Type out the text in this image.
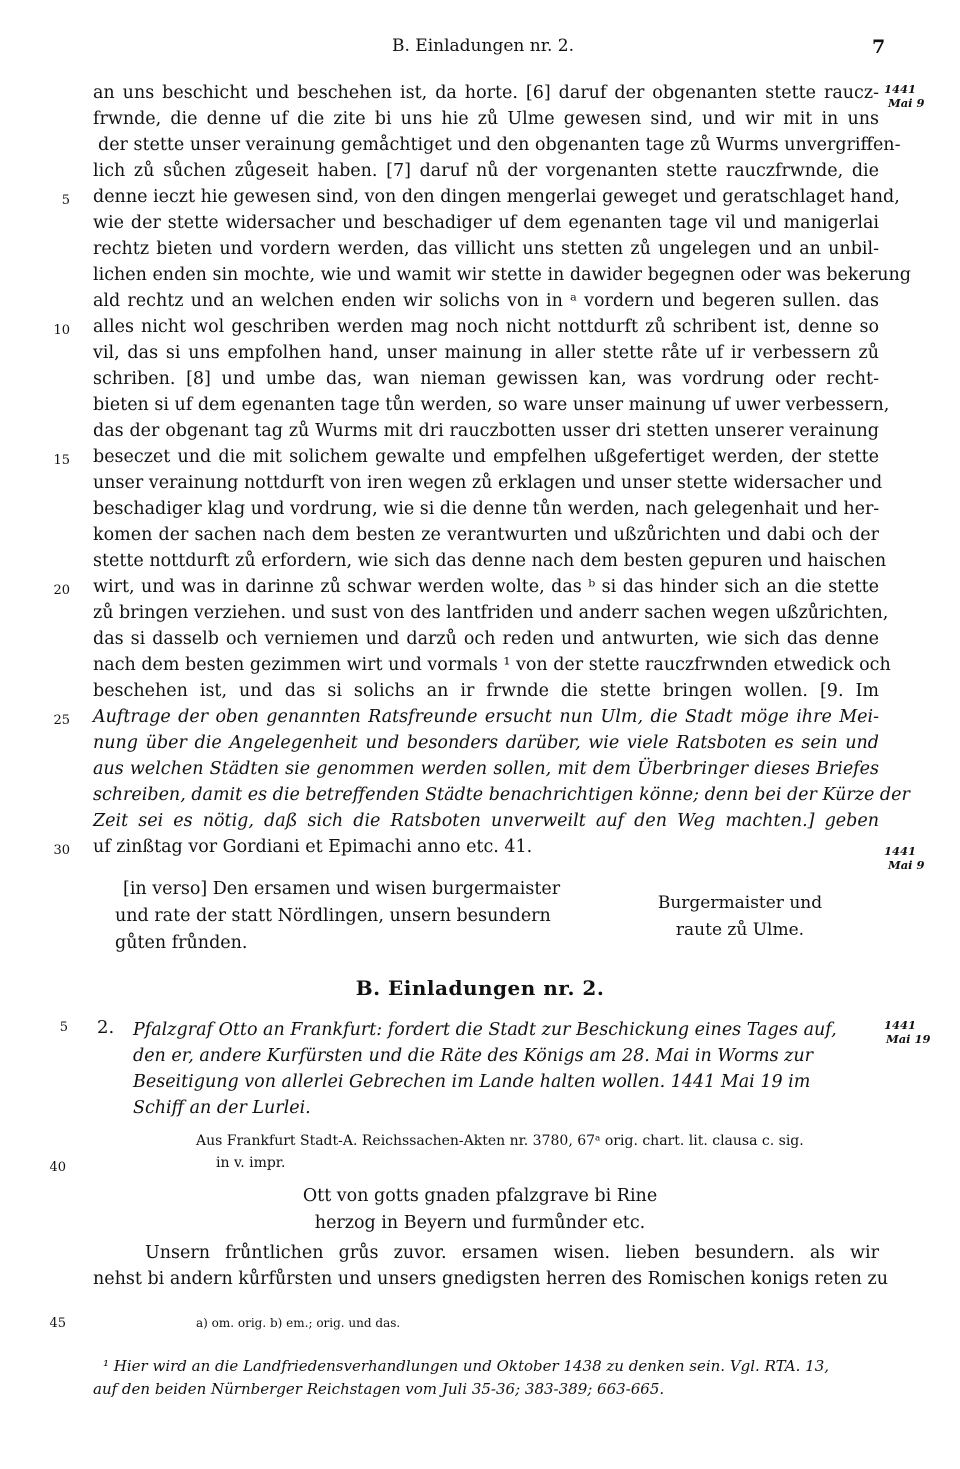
B. Einladungen nr. 2.	7
1441
Mai 9
an uns beschicht und beschehen ist, da horte. [6] daruf der obgenanten stette raucz-
frwnde, die denne uf die zite bi uns hie zů Ulme gewesen sind, und wir mit in uns
der stette unser verainung gemåchtiget und den obgenanten tage zů Wurms unvergriffen-
lich zů sůchen zůgeseit haben. [7] daruf nů der vorgenanten stette rauczfrwnde, die
denne ieczt hie gewesen sind, von den dingen mengerlai geweget und geratschlaget hand,
wie der stette widersacher und beschadiger uf dem egenanten tage vil und manigerlai
rechtz bieten und vordern werden, das villicht uns stetten zů ungelegen und an unbil-
lichen enden sin mochte, wie und wamit wir stette in dawider begegnen oder was bekerung
ald rechtz und an welchen enden wir solichs von in ᵃ vordern und begeren sullen. das
alles nicht wol geschriben werden mag noch nicht nottdurft zů schribent ist, denne so
vil, das si uns empfolhen hand, unser mainung in aller stette råte uf ir verbessern zů
schriben. [8] und umbe das, wan nieman gewissen kan, was vordrung oder recht-
bieten si uf dem egenanten tage tůn werden, so ware unser mainung uf uwer verbessern,
das der obgenant tag zů Wurms mit dri rauczbotten usser dri stetten unserer verainung
beseczet und die mit solichem gewalte und empfelhen ußgefertiget werden, der stette
unser verainung nottdurft von iren wegen zů erklagen und unser stette widersacher und
beschadiger klag und vordrung, wie si die denne tůn werden, nach gelegenhait und her-
komen der sachen nach dem besten ze verantwurten und ußzůrichten und dabi och der
stette nottdurft zů erfordern, wie sich das denne nach dem besten gepuren und haischen
wirt, und was in darinne zů schwar werden wolte, das ᵇ si das hinder sich an die stette
zů bringen verziehen. und sust von des lantfriden und anderr sachen wegen ußzůrichten,
das si dasselb och verniemen und darzů och reden und antwurten, wie sich das denne
nach dem besten gezimmen wirt und vormals ¹ von der stette rauczfrwnden etwedick och
beschehen ist, und das si solichs an ir frwnde die stette bringen wollen. [9. Im
Auftrage der oben genannten Ratsfreunde ersucht nun Ulm, die Stadt möge ihre Mei-
nung über die Angelegenheit und besonders darüber, wie viele Ratsboten es sein und
aus welchen Städten sie genommen werden sollen, mit dem Überbringer dieses Briefes
schreiben, damit es die betreffenden Städte benachrichtigen könne; denn bei der Kürze der
Zeit sei es nötig, daß sich die Ratsboten unverweilt auf den Weg machten.] geben
uf zinßtag vor Gordiani et Epimachi anno etc. 41.
5
10
15
20
25
30	1441
Mai 9
[in verso] Den ersamen und wisen burgermaister
und rate der statt Nördlingen, unsern besundern
gůten frůnden.
Burgermaister und
raute zů Ulme.
B. Einladungen nr. 2.
5 2. Pfalzgraf Otto an Frankfurt: fordert die Stadt zur Beschickung eines Tages auf,
den er, andere Kurfürsten und die Räte des Königs am 28. Mai in Worms zur
Beseitigung von allerlei Gebrechen im Lande halten wollen. 1441 Mai 19 im
Schiff an der Lurlei.
1441
Mai 19
Aus Frankfurt Stadt-A. Reichssachen-Akten nr. 3780, 67ᵃ orig. chart. lit. clausa c. sig.
in v. impr.
40
Ott von gotts gnaden pfalzgrave bi Rine
herzog in Beyern und furmůnder etc.
Unsern frůntlichen grůs zuvor. ersamen wisen. lieben besundern. als wir
nehst bi andern kůrfůrsten und unsers gnedigsten herren des Romischen konigs reten zu
45	a) om. orig. b) em.; orig. und das.
¹ Hier wird an die Landfriedensverhandlungen und Oktober 1438 zu denken sein. Vgl. RTA. 13,
auf den beiden Nürnberger Reichstagen vom Juli 35-36; 383-389; 663-665.
